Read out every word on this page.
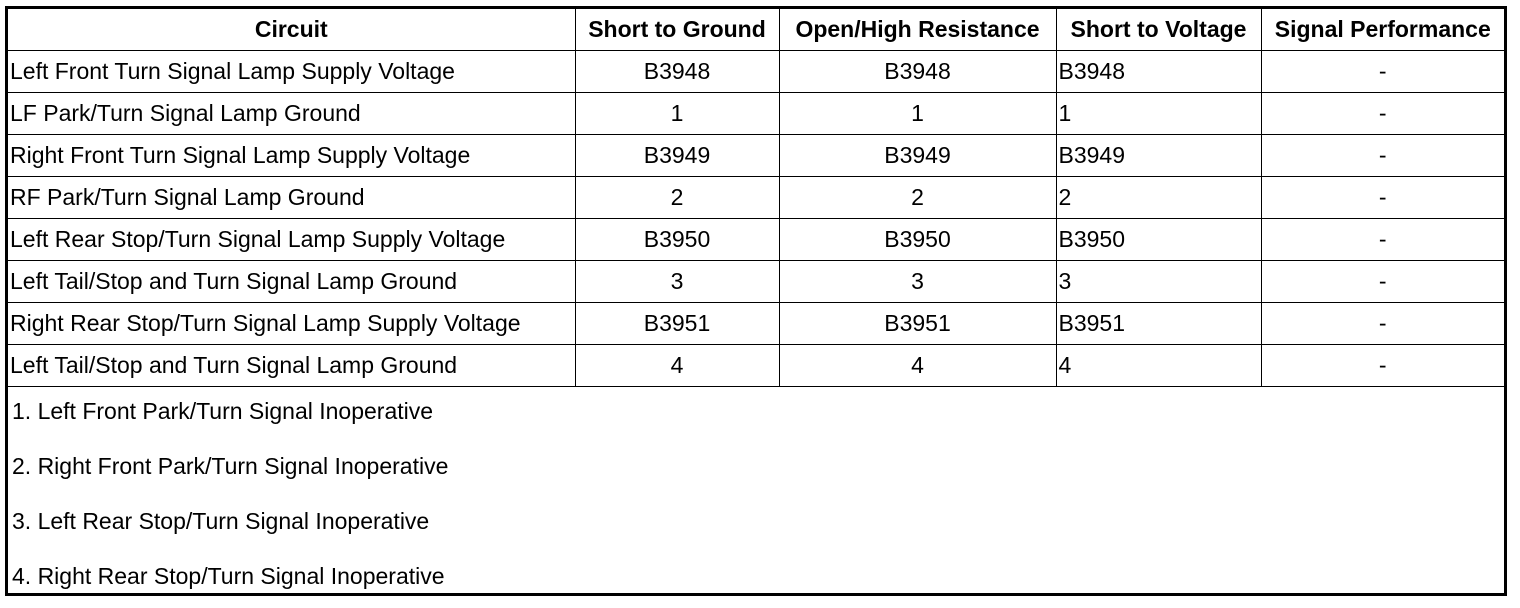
Circuit	Short to Ground	Open/High Resistance	Short to Voltage	Signal Performance
Left Front Turn Signal Lamp Supply Voltage	B3948	B3948	B3948	-
LF Park/Turn Signal Lamp Ground	1	1	1	-
Right Front Turn Signal Lamp Supply Voltage	B3949	B3949	B3949	-
RF Park/Turn Signal Lamp Ground	2	2	2	-
Left Rear Stop/Turn Signal Lamp Supply Voltage	B3950	B3950	B3950	-
Left Tail/Stop and Turn Signal Lamp Ground	3	3	3	-
Right Rear Stop/Turn Signal Lamp Supply Voltage	B3951	B3951	B3951	-
Left Tail/Stop and Turn Signal Lamp Ground	4	4	4	-
1. Left Front Park/Turn Signal Inoperative
2. Right Front Park/Turn Signal Inoperative
3. Left Rear Stop/Turn Signal Inoperative
4. Right Rear Stop/Turn Signal Inoperative
